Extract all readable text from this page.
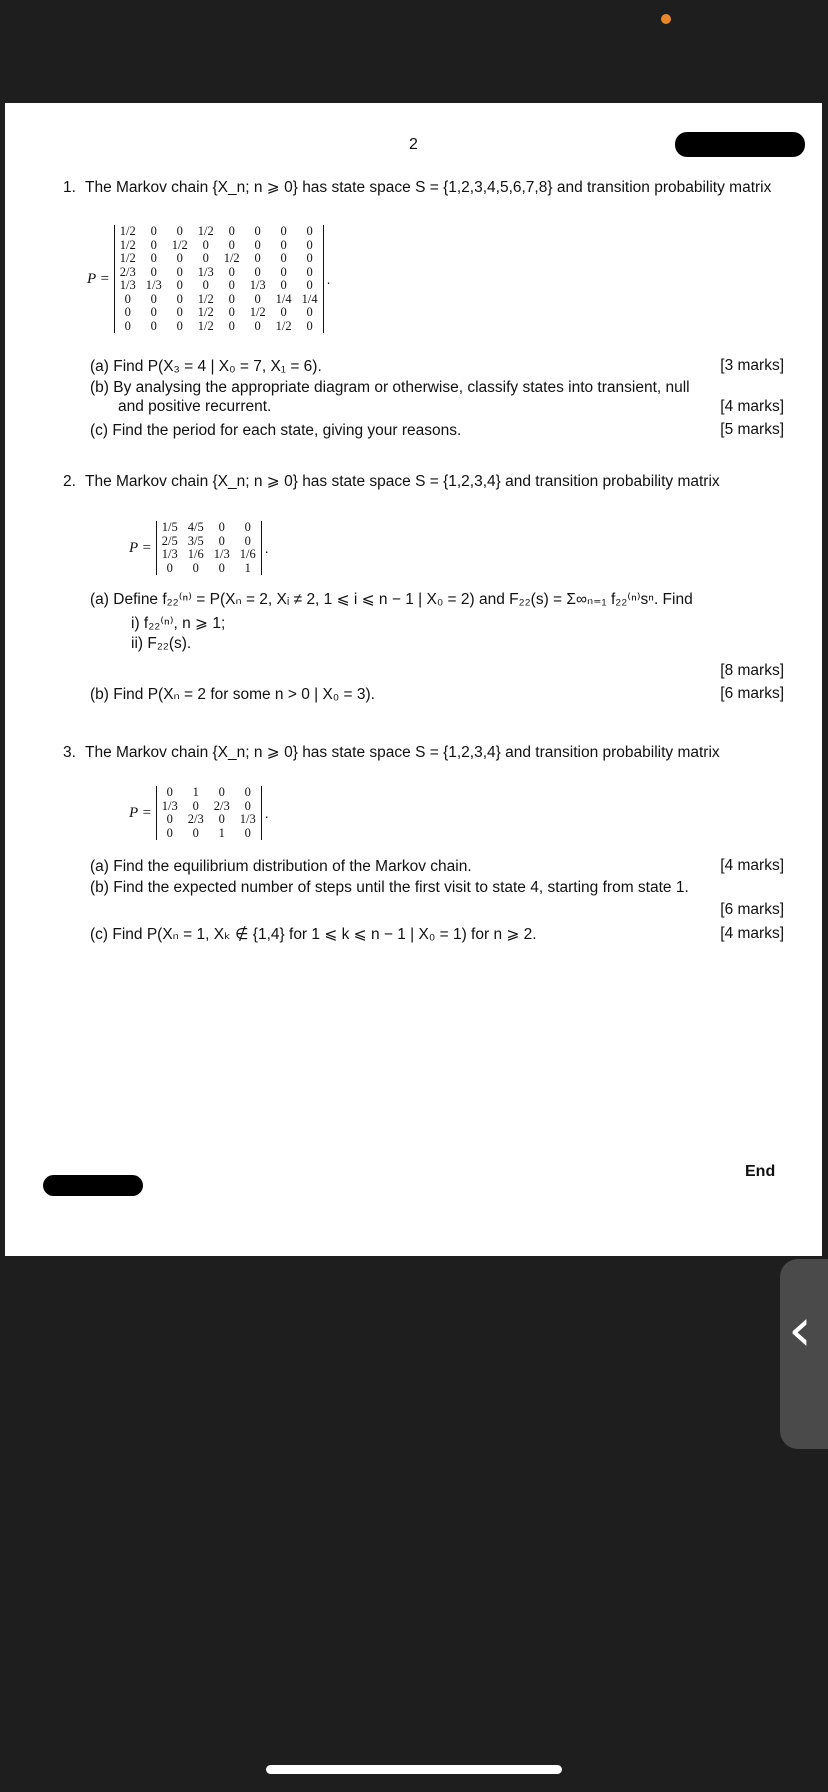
2
1. The Markov chain {X_n; n ⩾ 0} has state space S = {1,2,3,4,5,6,7,8} and transition probability matrix
P =
1/2	0	0	1/2	0	0	0	0
1/2	0	1/2	0	0	0	0	0
1/2	0	0	0	1/2	0	0	0
2/3	0	0	1/3	0	0	0	0
1/3	1/3	0	0	0	1/3	0	0
0	0	0	1/2	0	0	1/4	1/4
0	0	0	1/2	0	1/2	0	0
0	0	0	1/2	0	0	1/2	0
.
(a) Find P(X₃ = 4 | X₀ = 7, X₁ = 6).	[3 marks]
(b) By analysing the appropriate diagram or otherwise, classify states into transient, null
and positive recurrent.	[4 marks]
(c) Find the period for each state, giving your reasons.	[5 marks]
2. The Markov chain {X_n; n ⩾ 0} has state space S = {1,2,3,4} and transition probability matrix
P =
1/5	4/5	0	0
2/5	3/5	0	0
1/3	1/6	1/3	1/6
0	0	0	1
.
(a) Define f₂₂⁽ⁿ⁾ = P(Xₙ = 2, Xᵢ ≠ 2, 1 ⩽ i ⩽ n − 1 | X₀ = 2) and F₂₂(s) = Σ∞ₙ₌₁ f₂₂⁽ⁿ⁾sⁿ. Find
i) f₂₂⁽ⁿ⁾, n ⩾ 1;
ii) F₂₂(s).
[8 marks]
(b) Find P(Xₙ = 2 for some n > 0 | X₀ = 3).	[6 marks]
3. The Markov chain {X_n; n ⩾ 0} has state space S = {1,2,3,4} and transition probability matrix
P =
0	1	0	0
1/3	0	2/3	0
0	2/3	0	1/3
0	0	1	0
.
(a) Find the equilibrium distribution of the Markov chain.	[4 marks]
(b) Find the expected number of steps until the first visit to state 4, starting from state 1.
[6 marks]
(c) Find P(Xₙ = 1, Xₖ ∉ {1,4} for 1 ⩽ k ⩽ n − 1 | X₀ = 1) for n ⩾ 2.	[4 marks]
End
‹
